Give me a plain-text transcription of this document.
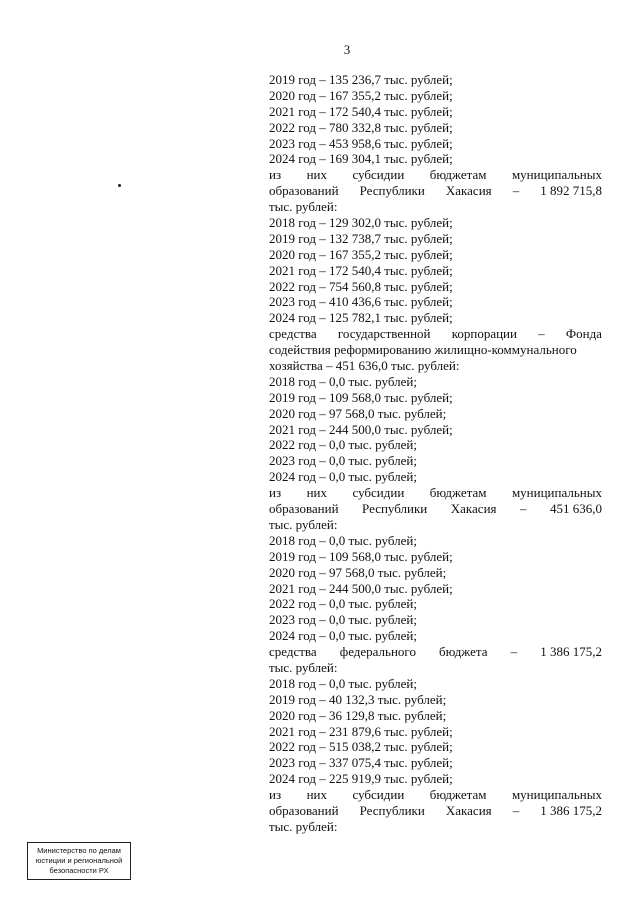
3
2019 год – 135 236,7 тыс. рублей;
2020 год – 167 355,2 тыс. рублей;
2021 год – 172 540,4 тыс. рублей;
2022 год – 780 332,8 тыс. рублей;
2023 год – 453 958,6 тыс. рублей;
2024 год – 169 304,1 тыс. рублей;
из них субсидии бюджетам муниципальных
образований Республики Хакасия – 1 892 715,8
тыс. рублей:
2018 год – 129 302,0 тыс. рублей;
2019 год – 132 738,7 тыс. рублей;
2020 год – 167 355,2 тыс. рублей;
2021 год – 172 540,4 тыс. рублей;
2022 год – 754 560,8 тыс. рублей;
2023 год – 410 436,6 тыс. рублей;
2024 год – 125 782,1 тыс. рублей;
средства государственной корпорации – Фонда
содействия реформированию жилищно-коммунального
хозяйства – 451 636,0 тыс. рублей:
2018 год – 0,0 тыс. рублей;
2019 год – 109 568,0 тыс. рублей;
2020 год – 97 568,0 тыс. рублей;
2021 год – 244 500,0 тыс. рублей;
2022 год – 0,0 тыс. рублей;
2023 год – 0,0 тыс. рублей;
2024 год – 0,0 тыс. рублей;
из них субсидии бюджетам муниципальных
образований Республики Хакасия – 451 636,0
тыс. рублей:
2018 год – 0,0 тыс. рублей;
2019 год – 109 568,0 тыс. рублей;
2020 год – 97 568,0 тыс. рублей;
2021 год – 244 500,0 тыс. рублей;
2022 год – 0,0 тыс. рублей;
2023 год – 0,0 тыс. рублей;
2024 год – 0,0 тыс. рублей;
средства федерального бюджета – 1 386 175,2
тыс. рублей:
2018 год – 0,0 тыс. рублей;
2019 год – 40 132,3 тыс. рублей;
2020 год – 36 129,8 тыс. рублей;
2021 год – 231 879,6 тыс. рублей;
2022 год – 515 038,2 тыс. рублей;
2023 год – 337 075,4 тыс. рублей;
2024 год – 225 919,9 тыс. рублей;
из них субсидии бюджетам муниципальных
образований Республики Хакасия – 1 386 175,2
тыс. рублей:
Министерство по делам
юстиции и региональной
безопасности РХ
